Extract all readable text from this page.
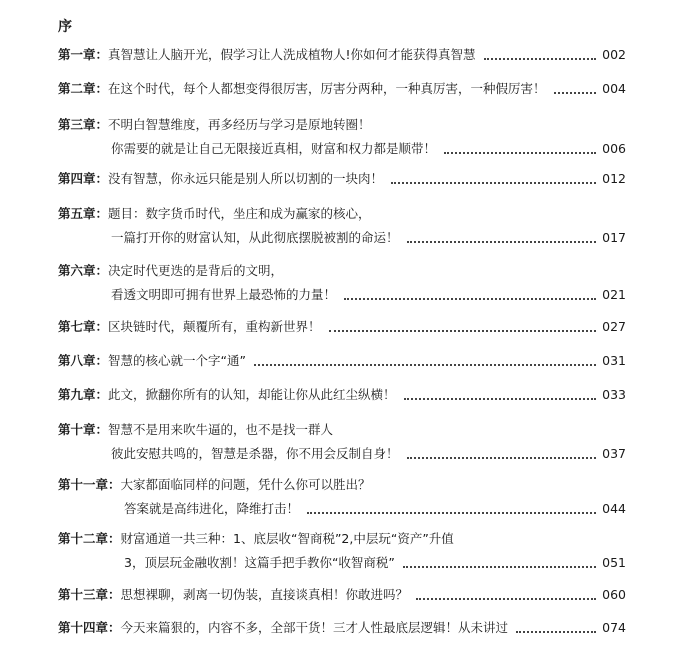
序
第一章： 真智慧让人脑开光，假学习让人洗成植物人!你如何才能获得真智慧	002
第二章： 在这个时代，每个人都想变得很厉害，厉害分两种，一种真厉害，一种假厉害！	004
第三章： 不明白智慧维度，再多经历与学习是原地转圈！
你需要的就是让自己无限接近真相，财富和权力都是顺带！	006
第四章： 没有智慧，你永远只能是别人所以切割的一块肉！	012
第五章： 题目：数字货币时代，坐庄和成为赢家的核心，
一篇打开你的财富认知，从此彻底摆脱被割的命运！	017
第六章： 决定时代更迭的是背后的文明，
看透文明即可拥有世界上最恐怖的力量！	021
第七章： 区块链时代，颠覆所有，重构新世界！	027
第八章： 智慧的核心就一个字“通”	031
第九章： 此文，掀翻你所有的认知，却能让你从此红尘纵横！	033
第十章： 智慧不是用来吹牛逼的，也不是找一群人
彼此安慰共鸣的，智慧是杀器，你不用会反制自身！	037
第十一章： 大家都面临同样的问题，凭什么你可以胜出？
答案就是高纬进化，降维打击！	044
第十二章： 财富通道一共三种：1、底层收“智商税”2,中层玩“资产”升值
3，顶层玩金融收割！这篇手把手教你“收智商税”	051
第十三章： 思想裸聊，剥离一切伪装，直接谈真相！你敢进吗？	060
第十四章： 今天来篇狠的，内容不多，全部干货！三才人性最底层逻辑！从未讲过	074
